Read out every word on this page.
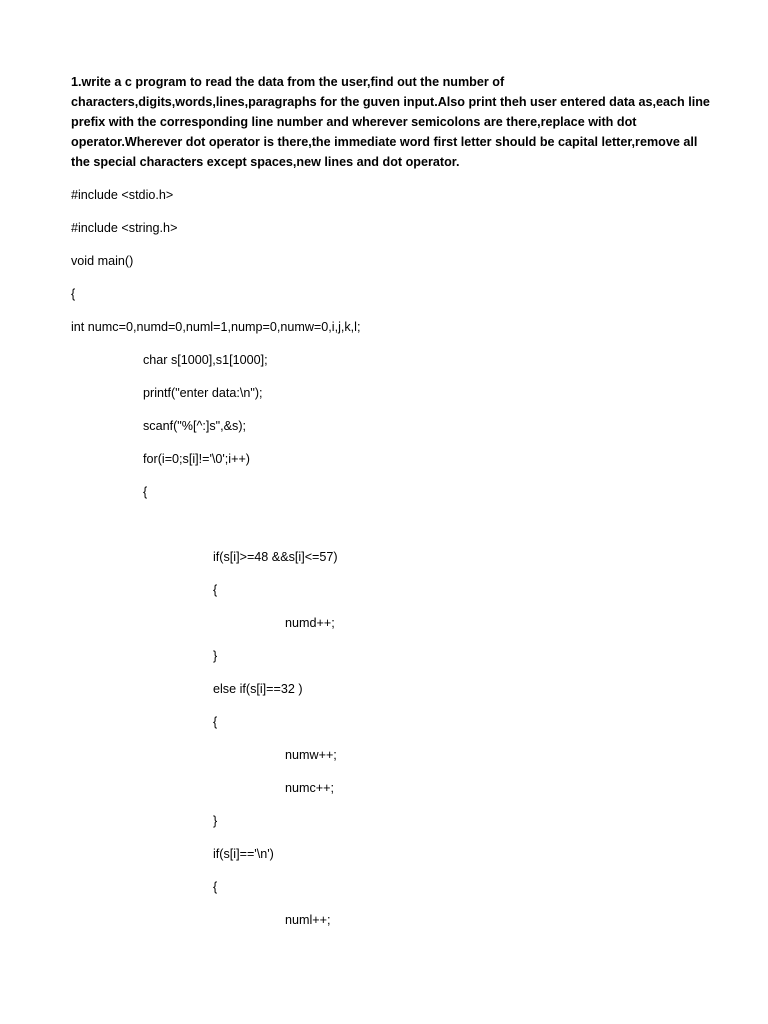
1.write a c program to read the data from the user,find out the number of
characters,digits,words,lines,paragraphs for the guven input.Also print theh user entered data as,each line
prefix with the corresponding line number and wherever semicolons are there,replace with dot
operator.Wherever dot operator is there,the immediate word first letter should be capital letter,remove all
the special characters except spaces,new lines and dot operator.
#include <stdio.h>
#include <string.h>
void main()
{
int numc=0,numd=0,numl=1,nump=0,numw=0,i,j,k,l;
char s[1000],s1[1000];
printf("enter data:\n");
scanf("%[^:]s",&s);
for(i=0;s[i]!='\0';i++)
{
if(s[i]>=48 &&s[i]<=57)
{
numd++;
}
else if(s[i]==32 )
{
numw++;
numc++;
}
if(s[i]=='\n')
{
numl++;
